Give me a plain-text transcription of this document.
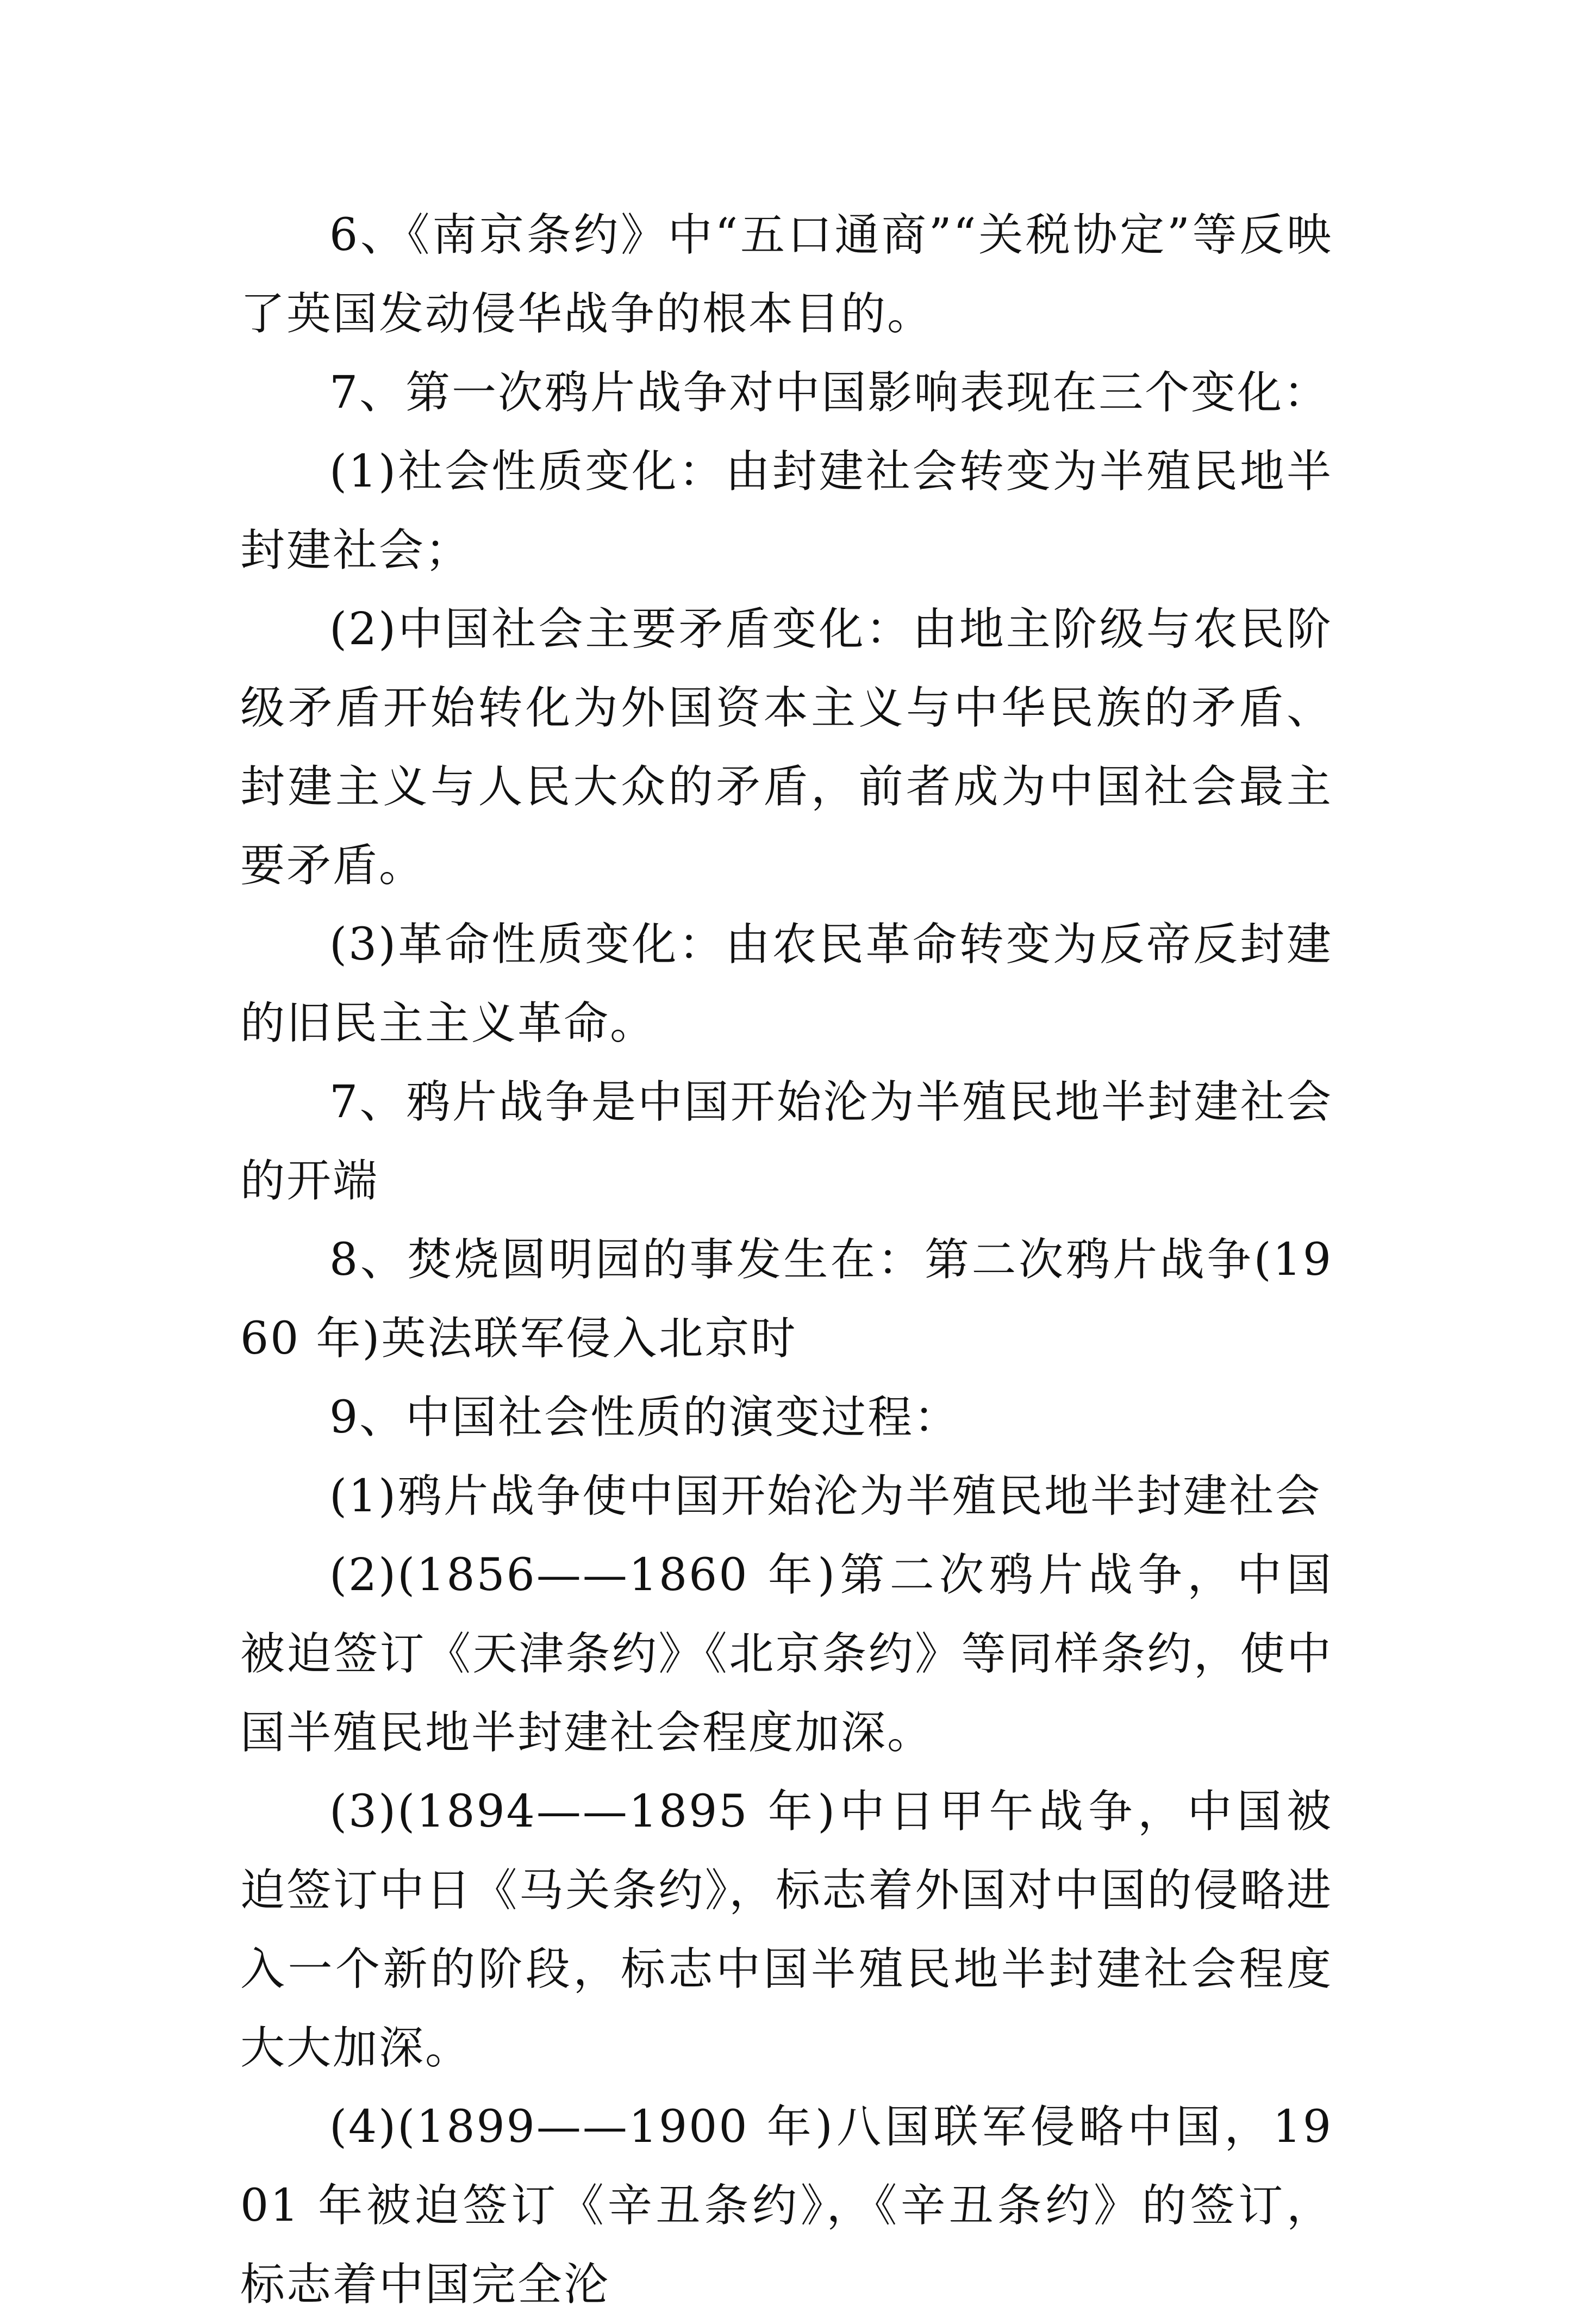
6、《南京条约》中“五口通商”“关税协定”等反映了英国发动侵华战争的根本目的。

7、第一次鸦片战争对中国影响表现在三个变化：

(1)社会性质变化：由封建社会转变为半殖民地半封建社会；

(2)中国社会主要矛盾变化：由地主阶级与农民阶级矛盾开始转化为外国资本主义与中华民族的矛盾、封建主义与人民大众的矛盾，前者成为中国社会最主要矛盾。

(3)革命性质变化：由农民革命转变为反帝反封建的旧民主主义革命。

7、鸦片战争是中国开始沦为半殖民地半封建社会的开端

8、焚烧圆明园的事发生在：第二次鸦片战争(1960 年)英法联军侵入北京时

9、中国社会性质的演变过程：

(1)鸦片战争使中国开始沦为半殖民地半封建社会

(2)(1856——1860 年)第二次鸦片战争，中国被迫签订《天津条约》《北京条约》等同样条约，使中国半殖民地半封建社会程度加深。

(3)(1894——1895 年)中日甲午战争，中国被迫签订中日《马关条约》，标志着外国对中国的侵略进入一个新的阶段，标志中国半殖民地半封建社会程度大大加深。

(4)(1899——1900 年)八国联军侵略中国，1901 年被迫签订《辛丑条约》，《辛丑条约》的签订，标志着中国完全沦
